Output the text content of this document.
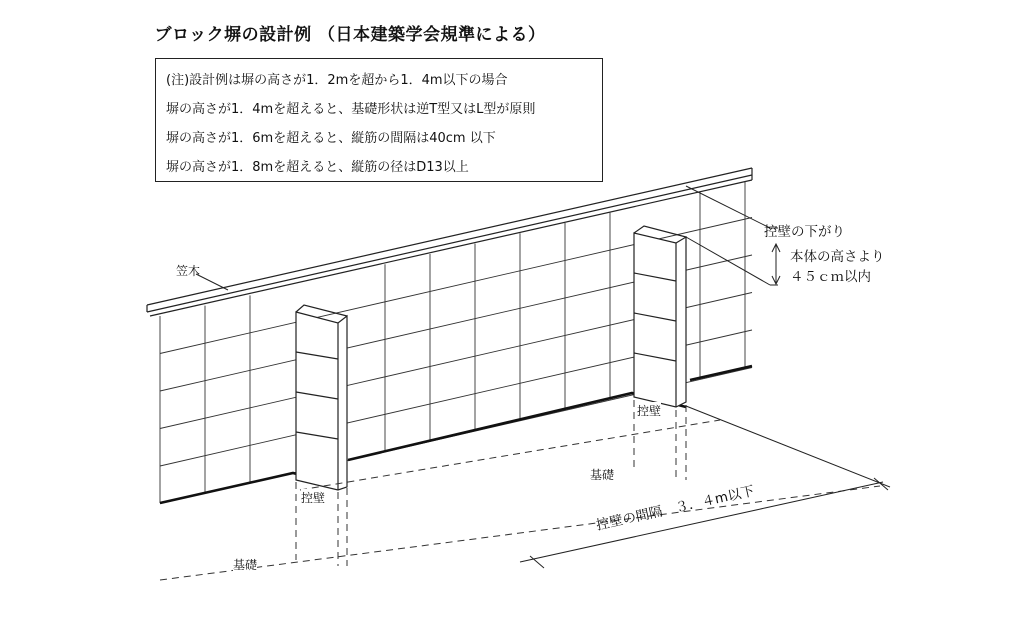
ブロック塀の設計例 （日本建築学会規準による）
(注)設計例は塀の高さが1．2mを超から1．4m以下の場合
塀の高さが1．4mを超えると、基礎形状は逆T型又はL型が原則
塀の高さが1．6mを超えると、縦筋の間隔は40cm 以下
塀の高さが1．8mを超えると、縦筋の径はD13以上
笠木
控壁
控壁
基礎
基礎
控壁の下がり
本体の高さより
４５ｃｍ以内
控壁の間隔　３．４m以下
